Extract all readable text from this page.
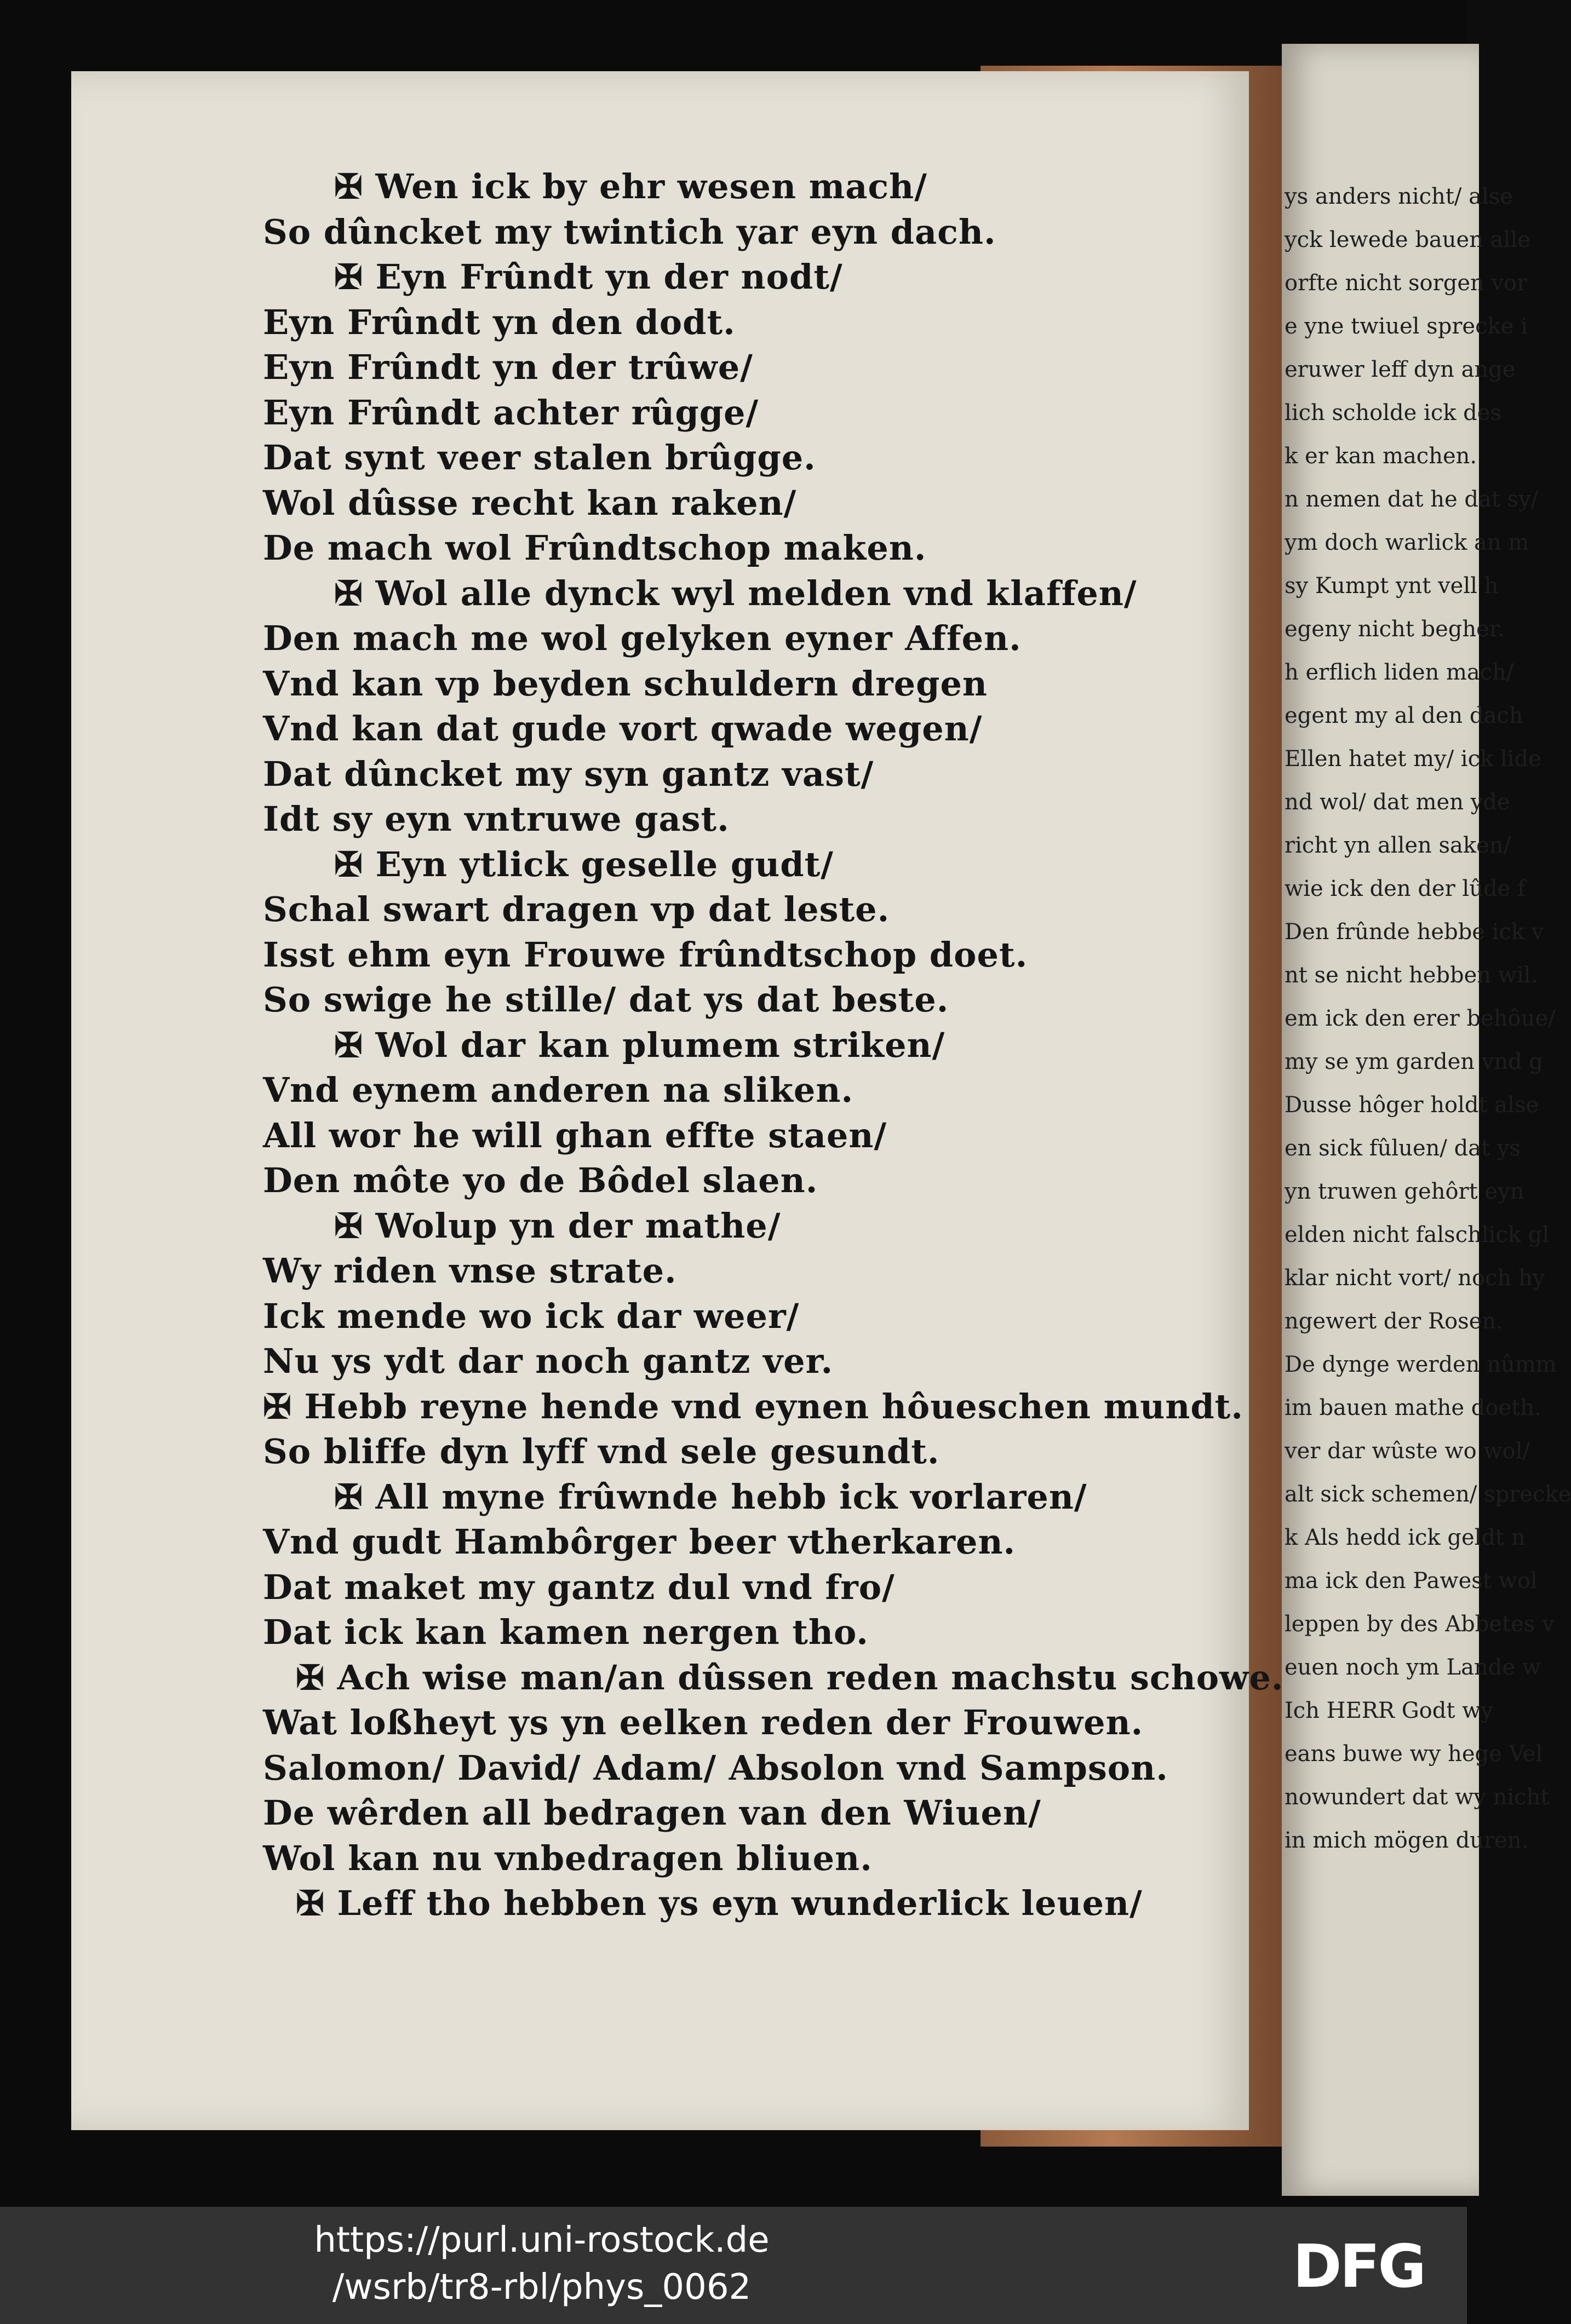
✠ Wen ick by ehr wesen mach/
So dûncket my twintich yar eyn dach.
✠ Eyn Frûndt yn der nodt/
Eyn Frûndt yn den dodt.
Eyn Frûndt yn der trûwe/
Eyn Frûndt achter rûgge/
Dat synt veer stalen brûgge.
Wol dûsse recht kan raken/
De mach wol Frûndtschop maken.
✠ Wol alle dynck wyl melden vnd klaffen/
Den mach me wol gelyken eyner Affen.
Vnd kan vp beyden schuldern dregen
Vnd kan dat gude vort qwade wegen/
Dat dûncket my syn gantz vast/
Idt sy eyn vntruwe gast.
✠ Eyn ytlick geselle gudt/
Schal swart dragen vp dat leste.
Isst ehm eyn Frouwe frûndtschop doet.
So swige he stille/ dat ys dat beste.
✠ Wol dar kan plumem striken/
Vnd eynem anderen na sliken.
All wor he will ghan effte staen/
Den môte yo de Bôdel slaen.
✠ Wolup yn der mathe/
Wy riden vnse strate.
Ick mende wo ick dar weer/
Nu ys ydt dar noch gantz ver.
✠ Hebb reyne hende vnd eynen hôueschen mundt.
So bliffe dyn lyff vnd sele gesundt.
✠ All myne frûwnde hebb ick vorlaren/
Vnd gudt Hambôrger beer vtherkaren.
Dat maket my gantz dul vnd fro/
Dat ick kan kamen nergen tho.
✠ Ach wise man/an dûssen reden machstu schowe.
Wat loßheyt ys yn eelken reden der Frouwen.
Salomon/ David/ Adam/ Absolon vnd Sampson.
De wêrden all bedragen van den Wiuen/
Wol kan nu vnbedragen bliuen.
✠ Leff tho hebben ys eyn wunderlick leuen/
ys anders nicht/ alse
yck lewede bauen alle
orfte nicht sorgen vor
e yne twiuel sprecke i
eruwer leff dyn ange
lich scholde ick des
k er kan machen.
n nemen dat he dat sy/
ym doch warlick an m
sy Kumpt ynt vell h
egeny nicht begher.
h erflich liden mach/
egent my al den dach
Ellen hatet my/ ick lide
nd wol/ dat men yde
richt yn allen saken/
wie ick den der lûde f
Den frûnde hebbe ick v
nt se nicht hebben wil.
em ick den erer behôue/
my se ym garden vnd g
Dusse hôger holdt alse
en sick fûluen/ dat ys
yn truwen gehôrt eyn
elden nicht falschlick gl
klar nicht vort/ noch hy
ngewert der Rosen.
De dynge werden nûmm
im bauen mathe doeth.
ver dar wûste wo wol/
alt sick schemen/ sprecke
k Als hedd ick geldt n
ma ick den Pawest wol
leppen by des Abbetes v
euen noch ym Lande w
Ich HERR Godt wy
eans buwe wy hege Vel
nowundert dat wy nicht
in mich mögen duren.
https://purl.uni-rostock.de
/wsrb/tr8-rbl/phys_0062	DFG
